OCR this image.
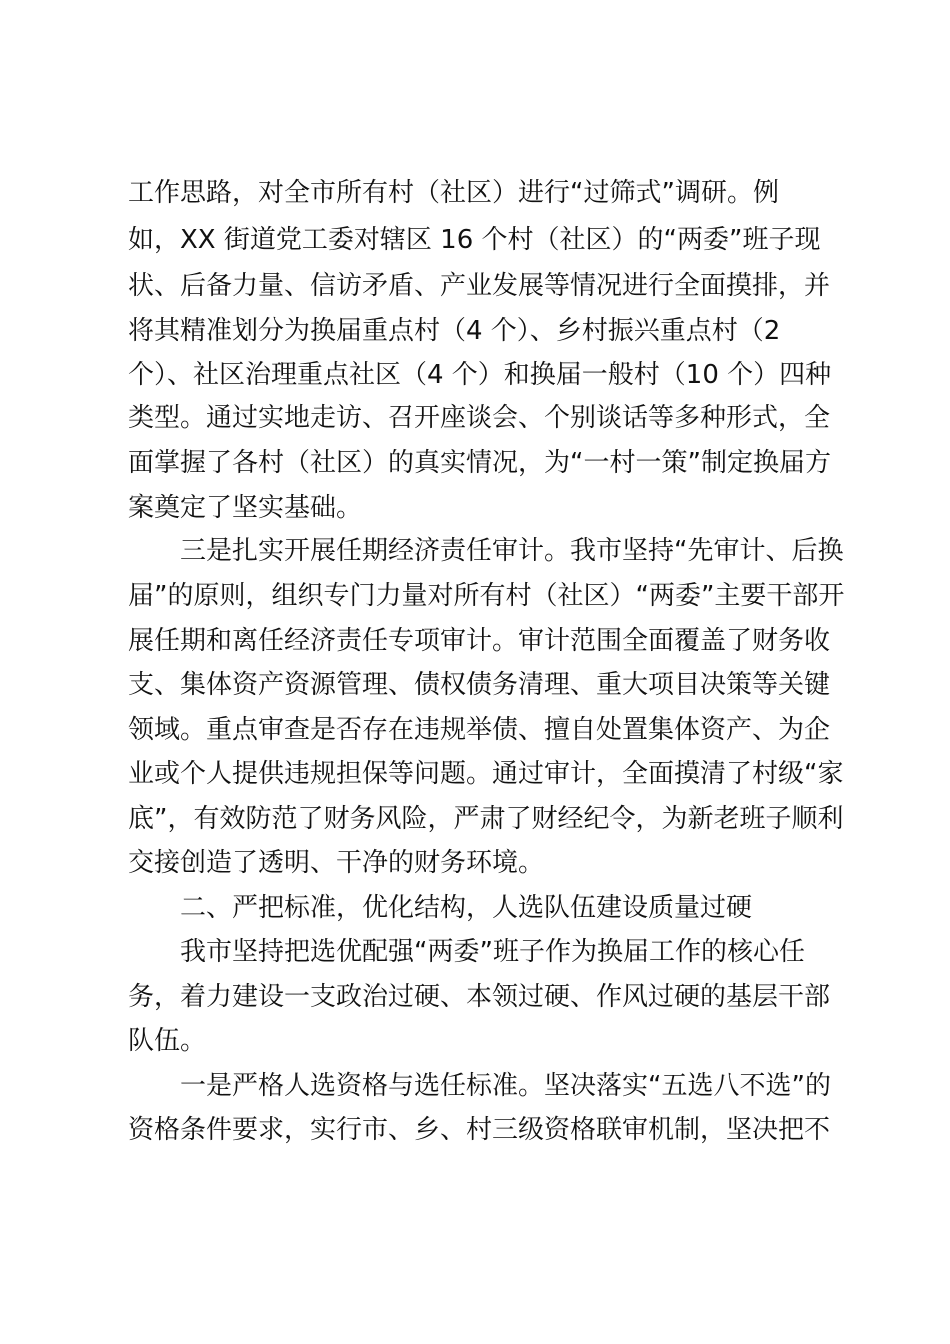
工作思路，对全市所有村（社区）进行“过筛式”调研。例
如，XX 街道党工委对辖区 16 个村（社区）的“两委”班子现
状、后备力量、信访矛盾、产业发展等情况进行全面摸排，并
将其精准划分为换届重点村（4 个）、乡村振兴重点村（2
个）、社区治理重点社区（4 个）和换届一般村（10 个）四种
类型。通过实地走访、召开座谈会、个别谈话等多种形式，全
面掌握了各村（社区）的真实情况，为“一村一策”制定换届方
案奠定了坚实基础。
三是扎实开展任期经济责任审计。我市坚持“先审计、后换
届”的原则，组织专门力量对所有村（社区）“两委”主要干部开
展任期和离任经济责任专项审计。审计范围全面覆盖了财务收
支、集体资产资源管理、债权债务清理、重大项目决策等关键
领域。重点审查是否存在违规举债、擅自处置集体资产、为企
业或个人提供违规担保等问题。通过审计，全面摸清了村级“家
底”，有效防范了财务风险，严肃了财经纪令，为新老班子顺利
交接创造了透明、干净的财务环境。
二、严把标准，优化结构，人选队伍建设质量过硬
我市坚持把选优配强“两委”班子作为换届工作的核心任
务，着力建设一支政治过硬、本领过硬、作风过硬的基层干部
队伍。
一是严格人选资格与选任标准。坚决落实“五选八不选”的
资格条件要求，实行市、乡、村三级资格联审机制，坚决把不
